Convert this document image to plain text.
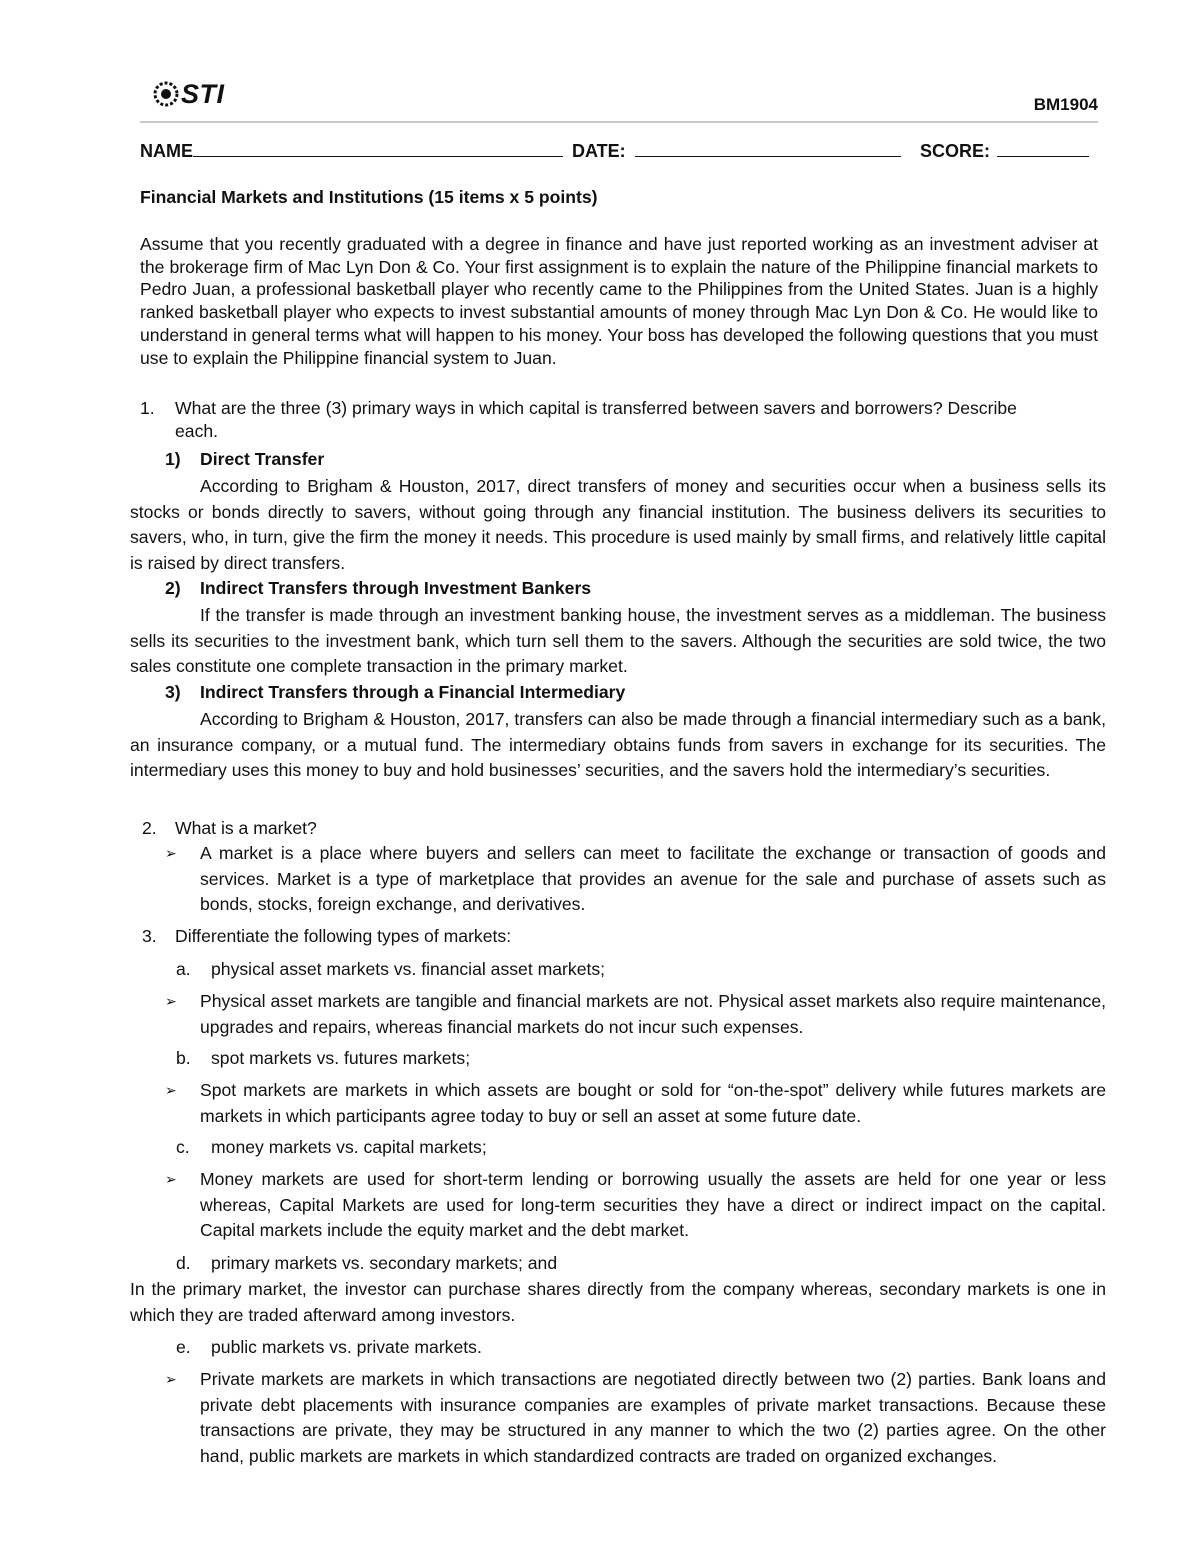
STI	BM1904
NAME	DATE:	SCORE:
Financial Markets and Institutions (15 items x 5 points)
Assume that you recently graduated with a degree in finance and have just reported working as an investment adviser at the brokerage firm of Mac Lyn Don & Co. Your first assignment is to explain the nature of the Philippine financial markets to Pedro Juan, a professional basketball player who recently came to the Philippines from the United States. Juan is a highly ranked basketball player who expects to invest substantial amounts of money through Mac Lyn Don & Co. He would like to understand in general terms what will happen to his money. Your boss has developed the following questions that you must use to explain the Philippine financial system to Juan.
1.	What are the three (3) primary ways in which capital is transferred between savers and borrowers? Describe each.
1) Direct Transfer
According to Brigham & Houston, 2017, direct transfers of money and securities occur when a business sells its stocks or bonds directly to savers, without going through any financial institution. The business delivers its securities to savers, who, in turn, give the firm the money it needs. This procedure is used mainly by small firms, and relatively little capital is raised by direct transfers.
2) Indirect Transfers through Investment Bankers
If the transfer is made through an investment banking house, the investment serves as a middleman. The business sells its securities to the investment bank, which turn sell them to the savers. Although the securities are sold twice, the two sales constitute one complete transaction in the primary market.
3) Indirect Transfers through a Financial Intermediary
According to Brigham & Houston, 2017, transfers can also be made through a financial intermediary such as a bank, an insurance company, or a mutual fund. The intermediary obtains funds from savers in exchange for its securities. The intermediary uses this money to buy and hold businesses’ securities, and the savers hold the intermediary’s securities.
2. What is a market?
➢ A market is a place where buyers and sellers can meet to facilitate the exchange or transaction of goods and services. Market is a type of marketplace that provides an avenue for the sale and purchase of assets such as bonds, stocks, foreign exchange, and derivatives.
3. Differentiate the following types of markets:
a. physical asset markets vs. financial asset markets;
➢ Physical asset markets are tangible and financial markets are not. Physical asset markets also require maintenance, upgrades and repairs, whereas financial markets do not incur such expenses.
b. spot markets vs. futures markets;
➢ Spot markets are markets in which assets are bought or sold for “on-the-spot” delivery while futures markets are markets in which participants agree today to buy or sell an asset at some future date.
c. money markets vs. capital markets;
➢ Money markets are used for short-term lending or borrowing usually the assets are held for one year or less whereas, Capital Markets are used for long-term securities they have a direct or indirect impact on the capital. Capital markets include the equity market and the debt market.
d. primary markets vs. secondary markets; and
In the primary market, the investor can purchase shares directly from the company whereas, secondary markets is one in which they are traded afterward among investors.
e. public markets vs. private markets.
➢ Private markets are markets in which transactions are negotiated directly between two (2) parties. Bank loans and private debt placements with insurance companies are examples of private market transactions. Because these transactions are private, they may be structured in any manner to which the two (2) parties agree. On the other hand, public markets are markets in which standardized contracts are traded on organized exchanges.
